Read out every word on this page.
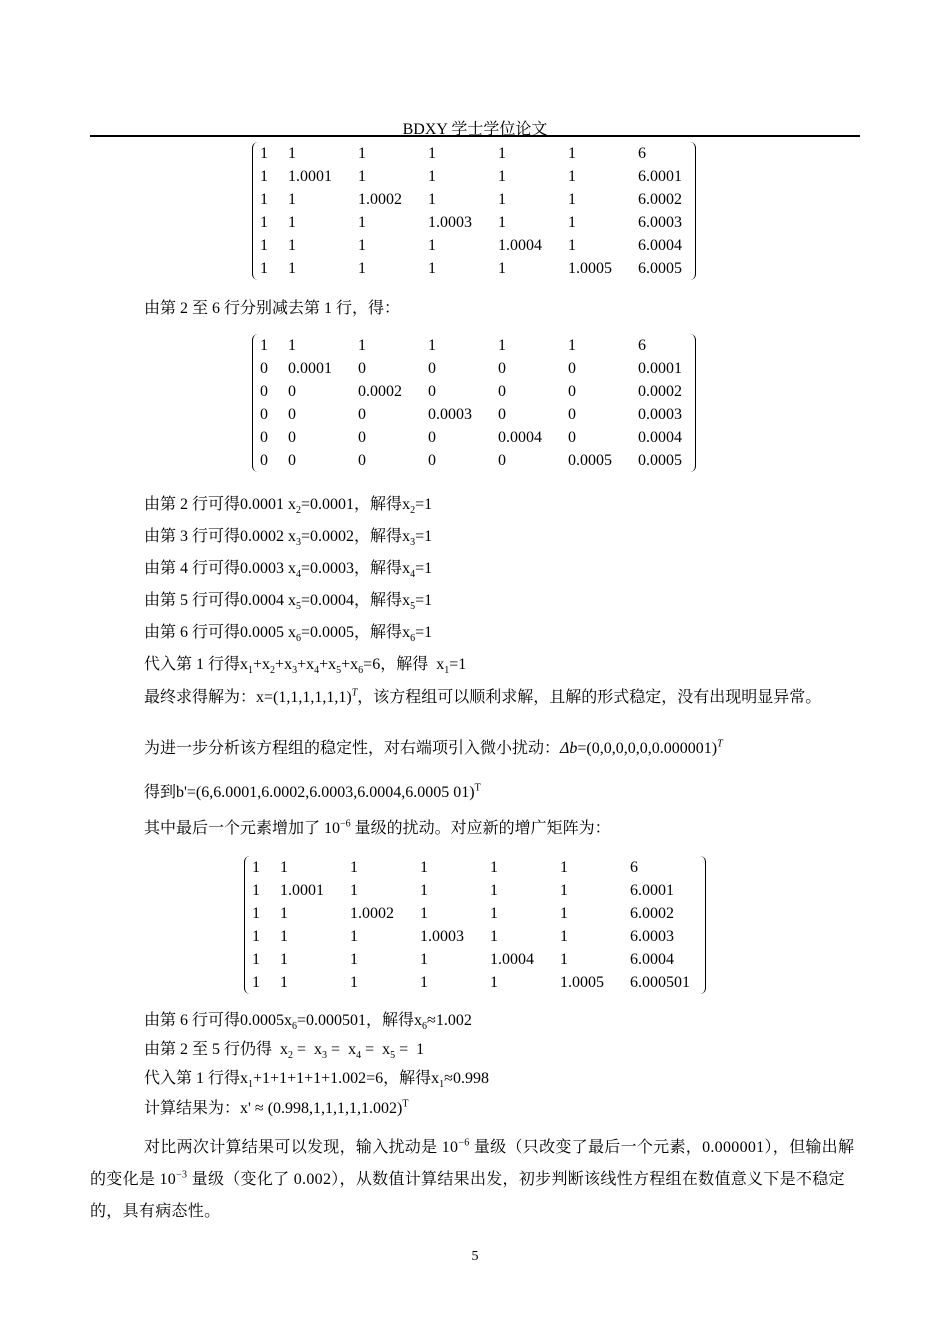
BDXY 学士学位论文
1 1	1	1	1	1	6
1 1.0001 1	1	1	1	6.0001
1 1	1.0002 1	1	1	6.0002
1 1	1	1.0003 1	1	6.0003
1 1	1	1	1.0004 1	6.0004
1 1	1	1	1	1.0005 6.0005
由第 2 至 6 行分别减去第 1 行，得：
1 1	1	1	1	1	6
0 0.0001 0	0	0	0	0.0001
0 0	0.0002 0	0	0	0.0002
0 0	0	0.0003 0	0	0.0003
0 0	0	0	0.0004 0	0.0004
0 0	0	0	0	0.0005 0.0005
由第 2 行可得0.0001 $x_2=0.0001$，解得$x_2=1$
由第 3 行可得0.0002 $x_3=0.0002$，解得$x_3=1$
由第 4 行可得0.0003 $x_4=0.0003$，解得$x_4=1$
由第 5 行可得0.0004 $x_5=0.0004$，解得$x_5=1$
由第 6 行可得0.0005 $x_6=0.0005$，解得$x_6=1$
代入第 1 行得$x_1+x_2+x_3+x_4+x_5+x_6=6$，解得  $x_1=1$
最终求得解为：$x=(1,1,1,1,1,1)^T$，该方程组可以顺利求解，且解的形式稳定，没有出现明显异常。
为进一步分析该方程组的稳定性，对右端项引入微小扰动：$\Delta b=(0,0,0,0,0,0.000001)^T$
得到b'=(6,6.0001,6.0002,6.0003,6.0004,6.0005 01)$^T$
其中最后一个元素增加了 $10^{-6}$ 量级的扰动。对应新的增广矩阵为：
1 1	1	1	1	1	6
1 1.0001 1	1	1	1	6.0001
1 1	1.0002 1	1	1	6.0002
1 1	1	1.0003 1	1	6.0003
1 1	1	1	1.0004 1	6.0004
1 1	1	1	1	1.0005 6.000501
由第 6 行可得$0.0005x_6=0.000501$，解得$x_6\approx 1.002$
由第 2 至 5 行仍得  $x_2 = x_3 = x_4 = x_5 = 1$
代入第 1 行得$x_1+1+1+1+1+1.002=6$，解得$x_1\approx 0.998$
计算结果为：$x' \approx (0.998,1,1,1,1,1.002)^T$
对比两次计算结果可以发现，输入扰动是 $10^{-6}$ 量级（只改变了最后一个元素，0.000001），但输出解的变化是 $10^{-3}$ 量级（变化了 0.002），从数值计算结果出发，初步判断该线性方程组在数值意义下是不稳定的，具有病态性。
5
